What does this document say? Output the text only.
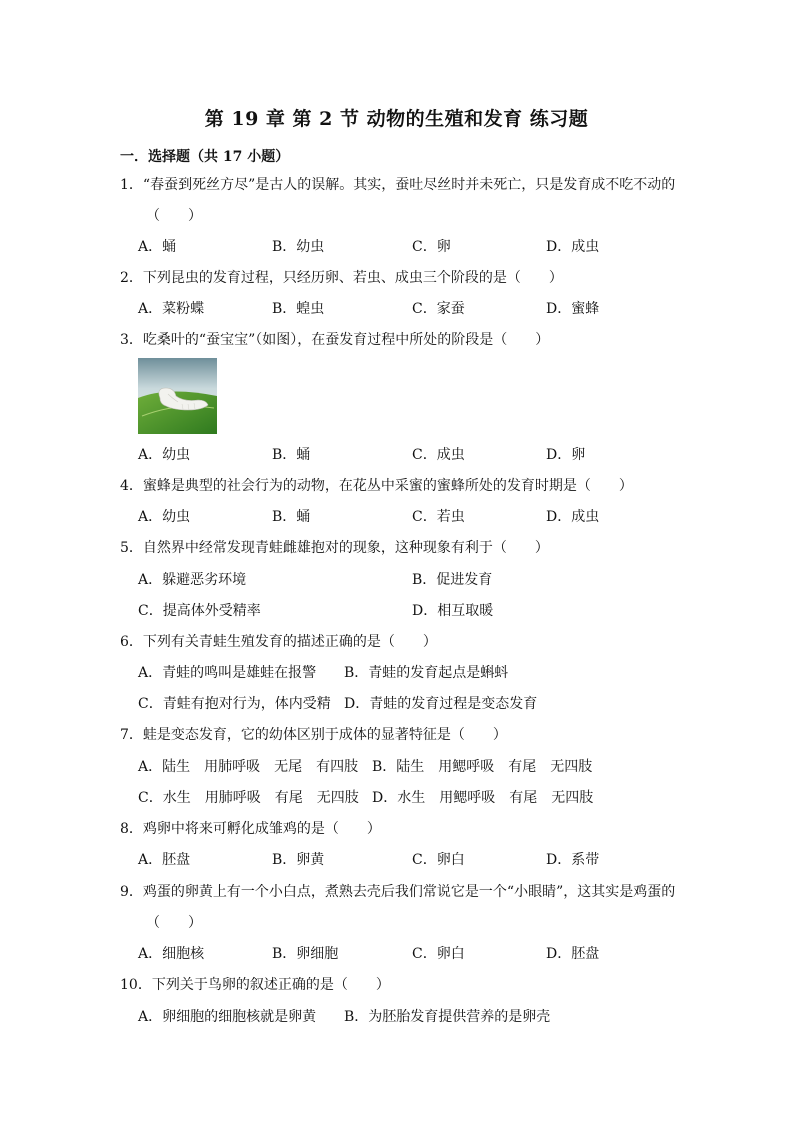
第 19 章 第 2 节 动物的生殖和发育 练习题
一．选择题（共 17 小题）
1．“春蚕到死丝方尽”是古人的误解。其实，蚕吐尽丝时并未死亡，只是发育成不吃不动的
（　　）
A．蛹	B．幼虫	C．卵	D．成虫
2．下列昆虫的发育过程，只经历卵、若虫、成虫三个阶段的是（　　）
A．菜粉蝶	B．蝗虫	C．家蚕	D．蜜蜂
3．吃桑叶的“蚕宝宝”（如图），在蚕发育过程中所处的阶段是（　　）
A．幼虫	B．蛹	C．成虫	D．卵
4．蜜蜂是典型的社会行为的动物，在花丛中采蜜的蜜蜂所处的发育时期是（　　）
A．幼虫	B．蛹	C．若虫	D．成虫
5．自然界中经常发现青蛙雌雄抱对的现象，这种现象有利于（　　）
A．躲避恶劣环境	B．促进发育
C．提高体外受精率	D．相互取暖
6．下列有关青蛙生殖发育的描述正确的是（　　）
A．青蛙的鸣叫是雄蛙在报警 B．青蛙的发育起点是蝌蚪
C．青蛙有抱对行为，体内受精 D．青蛙的发育过程是变态发育
7．蛙是变态发育，它的幼体区别于成体的显著特征是（　　）
A．陆生　用肺呼吸　无尾　有四肢 B．陆生　用鳃呼吸　有尾　无四肢
C．水生　用肺呼吸　有尾　无四肢 D．水生　用鳃呼吸　有尾　无四肢
8．鸡卵中将来可孵化成雏鸡的是（　　）
A．胚盘	B．卵黄	C．卵白	D．系带
9．鸡蛋的卵黄上有一个小白点，煮熟去壳后我们常说它是一个“小眼睛”，这其实是鸡蛋的
（　　）
A．细胞核	B．卵细胞	C．卵白	D．胚盘
10．下列关于鸟卵的叙述正确的是（　　）
A．卵细胞的细胞核就是卵黄 B．为胚胎发育提供营养的是卵壳
